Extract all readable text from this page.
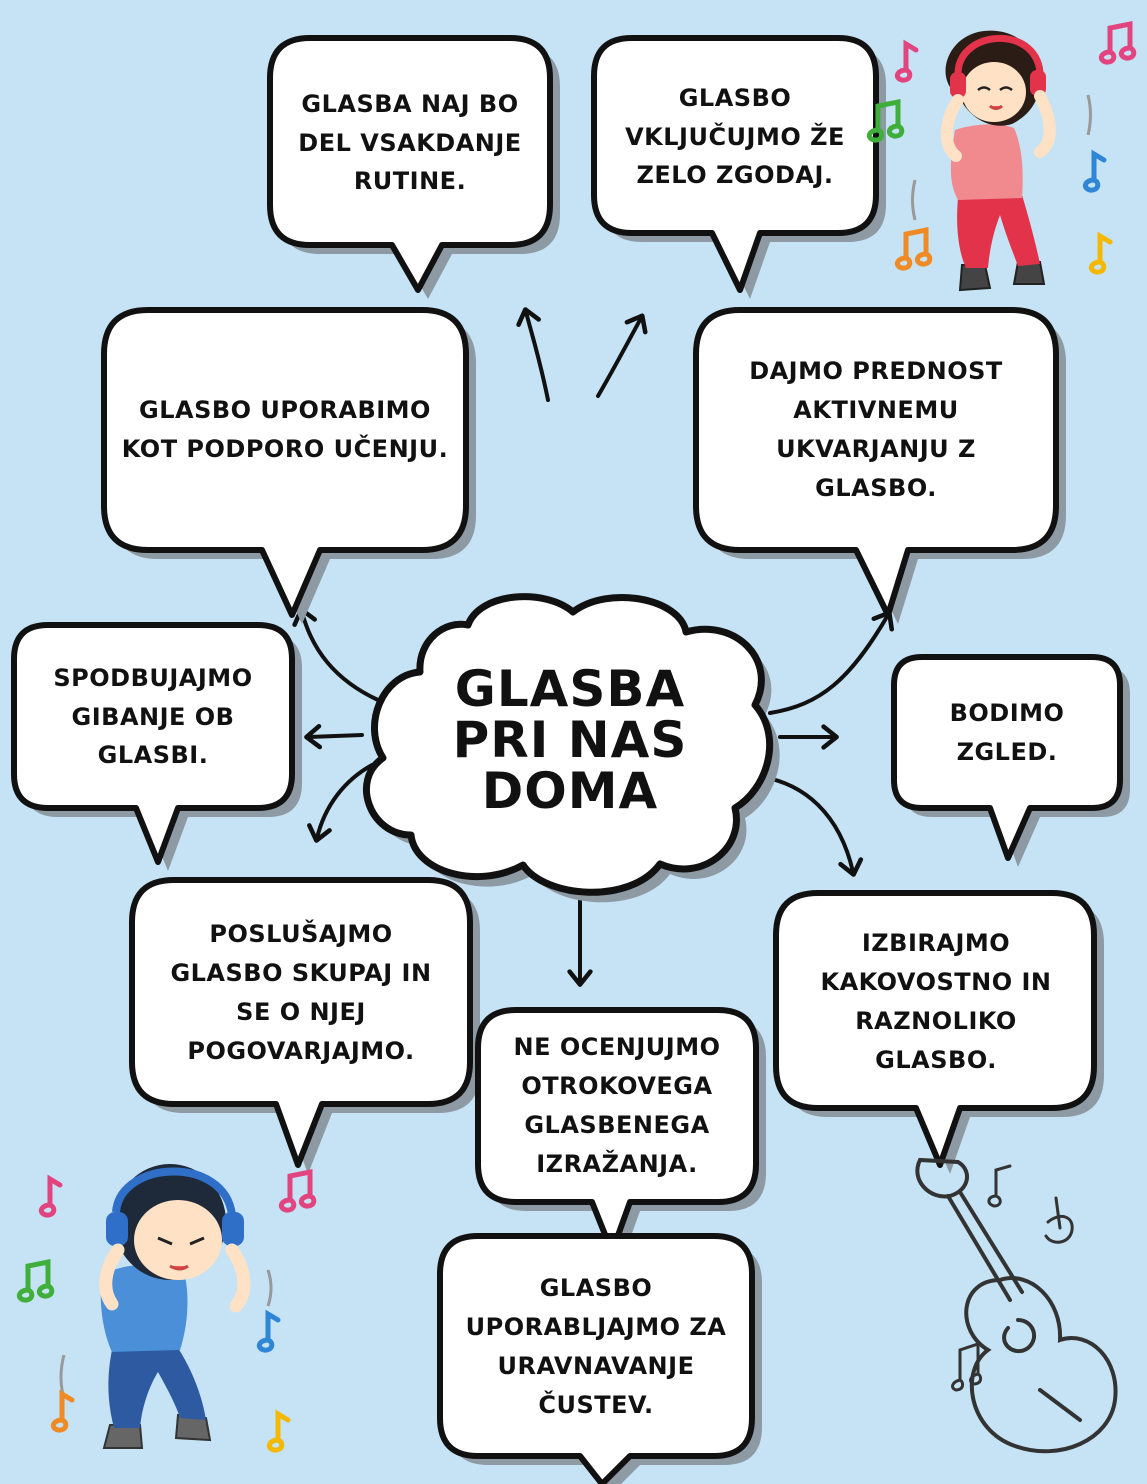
GLASBA
PRI NAS
DOMA
GLASBA NAJ BO DEL VSAKDANJE RUTINE.
GLASBO VKLJUČUJMO ŽE ZELO ZGODAJ.
GLASBO UPORABIMO KOT PODPORO UČENJU.
DAJMO PREDNOST AKTIVNEMU UKVARJANJU Z GLASBO.
SPODBUJAJMO GIBANJE OB GLASBI.
BODIMO ZGLED.
POSLUŠAJMO GLASBO SKUPAJ IN SE O NJEJ POGOVARJAJMO.
IZBIRAJMO KAKOVOSTNO IN RAZNOLIKO GLASBO.
NE OCENJUJMO OTROKOVEGA GLASBENEGA IZRAŽANJA.
GLASBO UPORABLJAJMO ZA URAVNAVANJE ČUSTEV.
